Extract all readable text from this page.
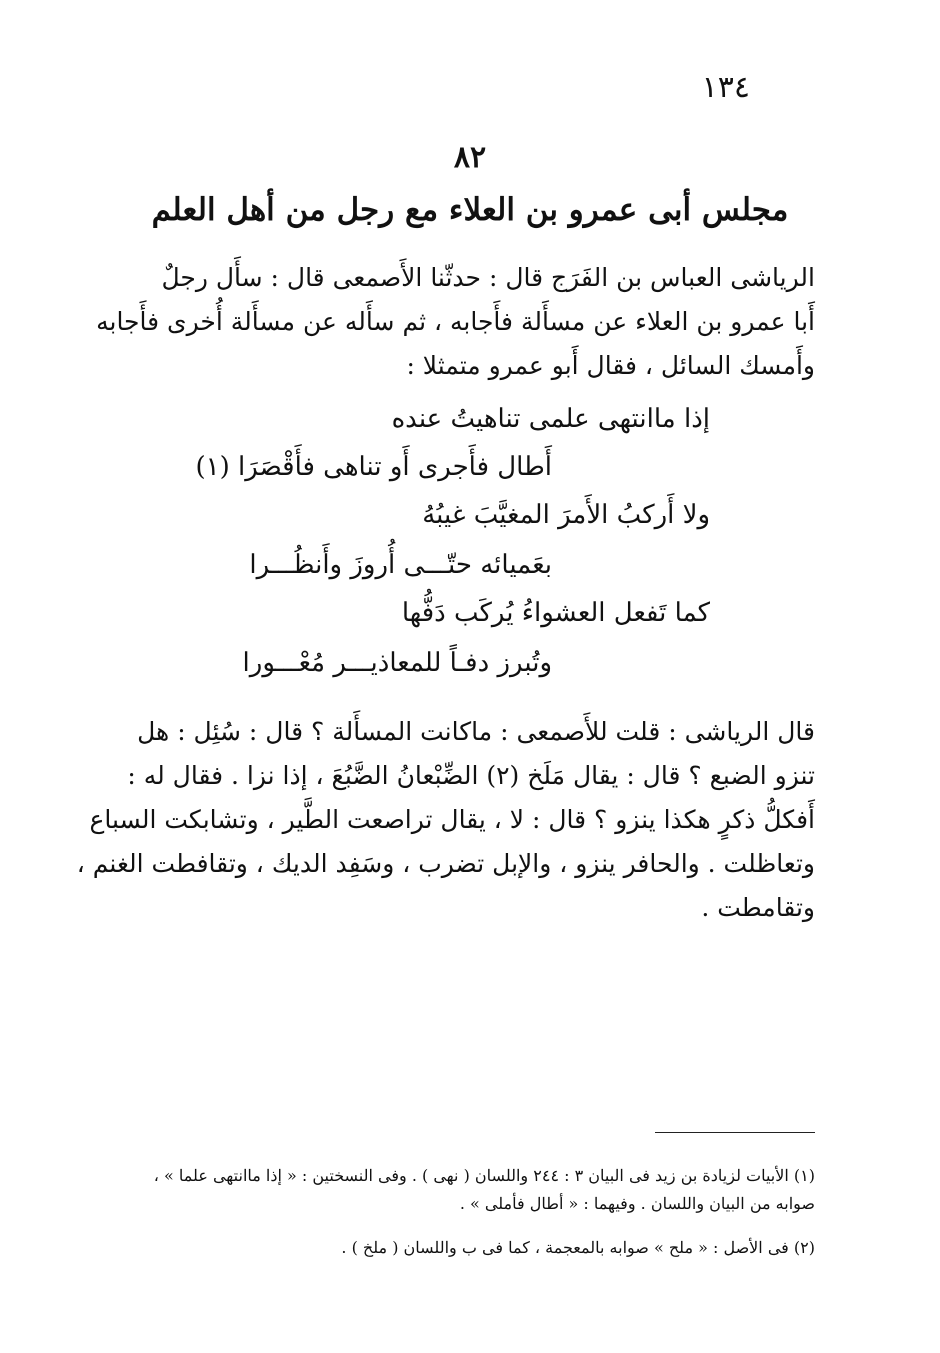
١٣٤
٨٢
مجلس أبى عمرو بن العلاء مع رجل من أهل العلم
الرياشى العباس بن الفَرَج قال : حدثّنا الأَصمعى قال : سأَل رجلٌ
أَبا عمرو بن العلاء عن مسأَلة فأَجابه ، ثم سأَله عن مسأَلة أُخرى فأَجابه
وأَمسك السائل ، فقال أَبو عمرو متمثلا :
إذا ماانتهى علمى تناهيتُ عنده
أَطال فأَجرى أَو تناهى فأَقْصَرَا (١)
ولا أَركبُ الأَمرَ المغيَّبَ غيبُهُ
بعَميائه حتّـــى أُروزَ وأَنظُـــرا
كما تَفعل العشواءُ يُركَب دَفُّها
وتُبرز دفـاً للمعاذيـــر مُعْـــورا
قال الرياشى : قلت للأَصمعى : ماكانت المسأَلة ؟ قال : سُئِل : هل
تنزو الضبع ؟ قال : يقال مَلَخ (٢) الضِّبْعانُ الضَّبُعَ ، إذا نزا . فقال له :
أَفكلُّ ذكرٍ هكذا ينزو ؟ قال : لا ، يقال تراصعت الطَّير ، وتشابكت السباع
وتعاظلت . والحافر ينزو ، والإبل تضرب ، وسَفِد الديك ، وتقافطت الغنم ،
وتقامطت .
(١) الأبيات لزيادة بن زيد فى البيان ٣ : ٢٤٤ واللسان ( نهى ) . وفى النسختين : « إذا ماانتهى علما » ،
صوابه من البيان واللسان . وفيهما : « أطال فأملى » .
(٢) فى الأصل : « ملح » صوابه بالمعجمة ، كما فى ب واللسان ( ملخ ) .
